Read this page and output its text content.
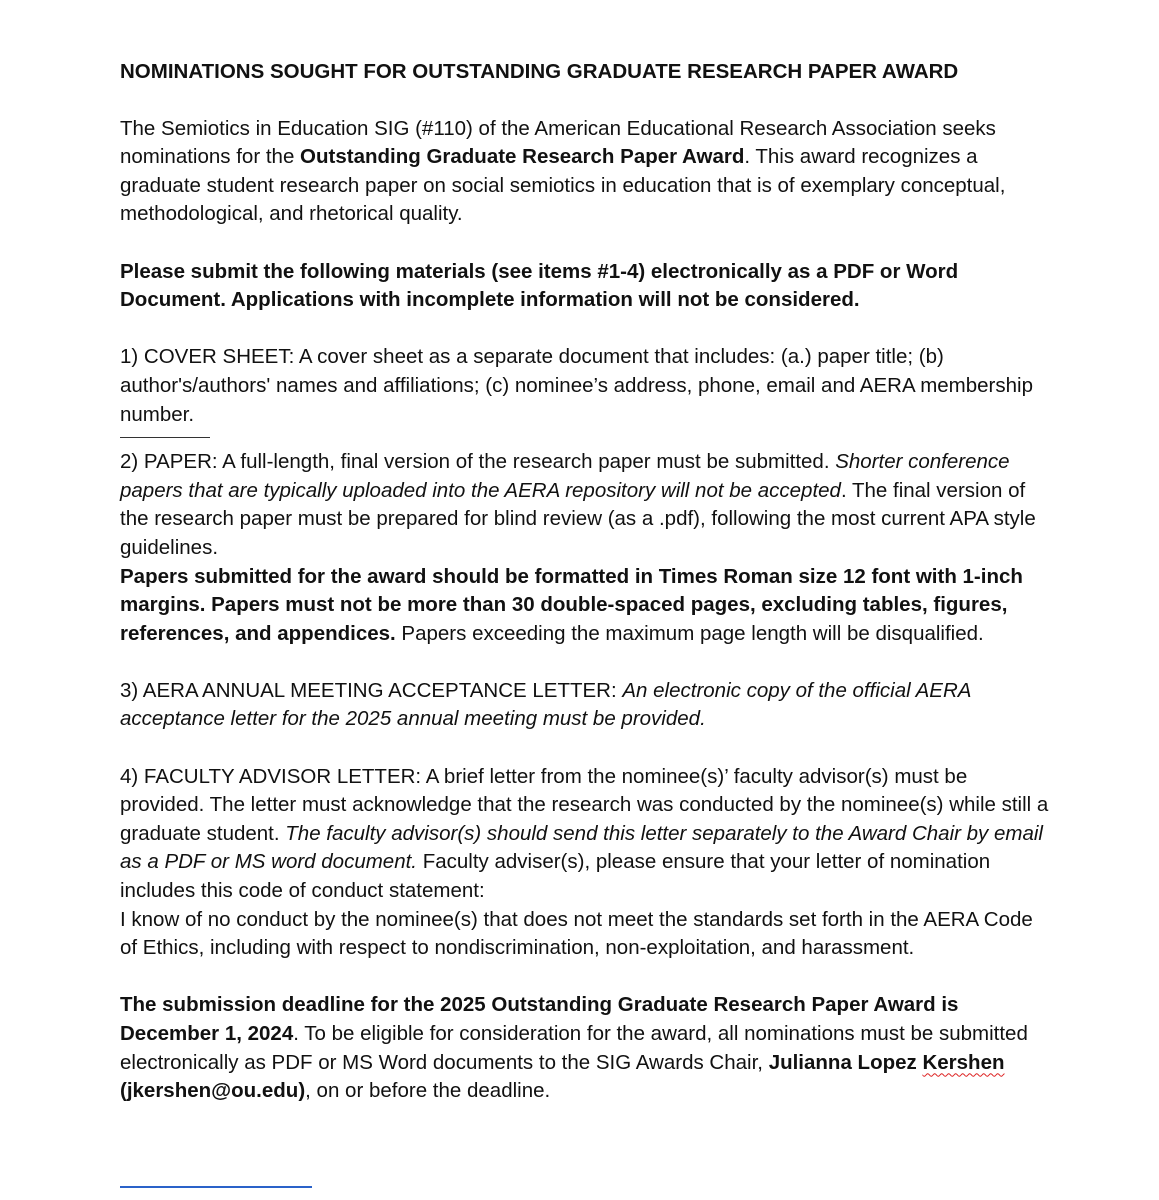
NOMINATIONS SOUGHT FOR OUTSTANDING GRADUATE RESEARCH PAPER AWARD

The Semiotics in Education SIG (#110) of the American Educational Research Association seeks nominations for the Outstanding Graduate Research Paper Award. This award recognizes a graduate student research paper on social semiotics in education that is of exemplary conceptual, methodological, and rhetorical quality.

Please submit the following materials (see items #1-4) electronically as a PDF or Word Document. Applications with incomplete information will not be considered.

1) COVER SHEET: A cover sheet as a separate document that includes: (a.) paper title; (b) author's/authors' names and affiliations; (c) nominee’s address, phone, email and AERA membership number.

2) PAPER: A full-length, final version of the research paper must be submitted. Shorter conference papers that are typically uploaded into the AERA repository will not be accepted. The final version of the research paper must be prepared for blind review (as a .pdf), following the most current APA style guidelines.
Papers submitted for the award should be formatted in Times Roman size 12 font with 1-inch margins. Papers must not be more than 30 double-spaced pages, excluding tables, figures, references, and appendices. Papers exceeding the maximum page length will be disqualified.

3) AERA ANNUAL MEETING ACCEPTANCE LETTER: An electronic copy of the official AERA acceptance letter for the 2025 annual meeting must be provided.

4) FACULTY ADVISOR LETTER: A brief letter from the nominee(s)’ faculty advisor(s) must be provided. The letter must acknowledge that the research was conducted by the nominee(s) while still a graduate student. The faculty advisor(s) should send this letter separately to the Award Chair by email as a PDF or MS word document. Faculty adviser(s), please ensure that your letter of nomination includes this code of conduct statement:
I know of no conduct by the nominee(s) that does not meet the standards set forth in the AERA Code of Ethics, including with respect to nondiscrimination, non-exploitation, and harassment.

The submission deadline for the 2025 Outstanding Graduate Research Paper Award is December 1, 2024. To be eligible for consideration for the award, all nominations must be submitted electronically as PDF or MS Word documents to the SIG Awards Chair, Julianna Lopez Kershen (jkershen@ou.edu), on or before the deadline.
